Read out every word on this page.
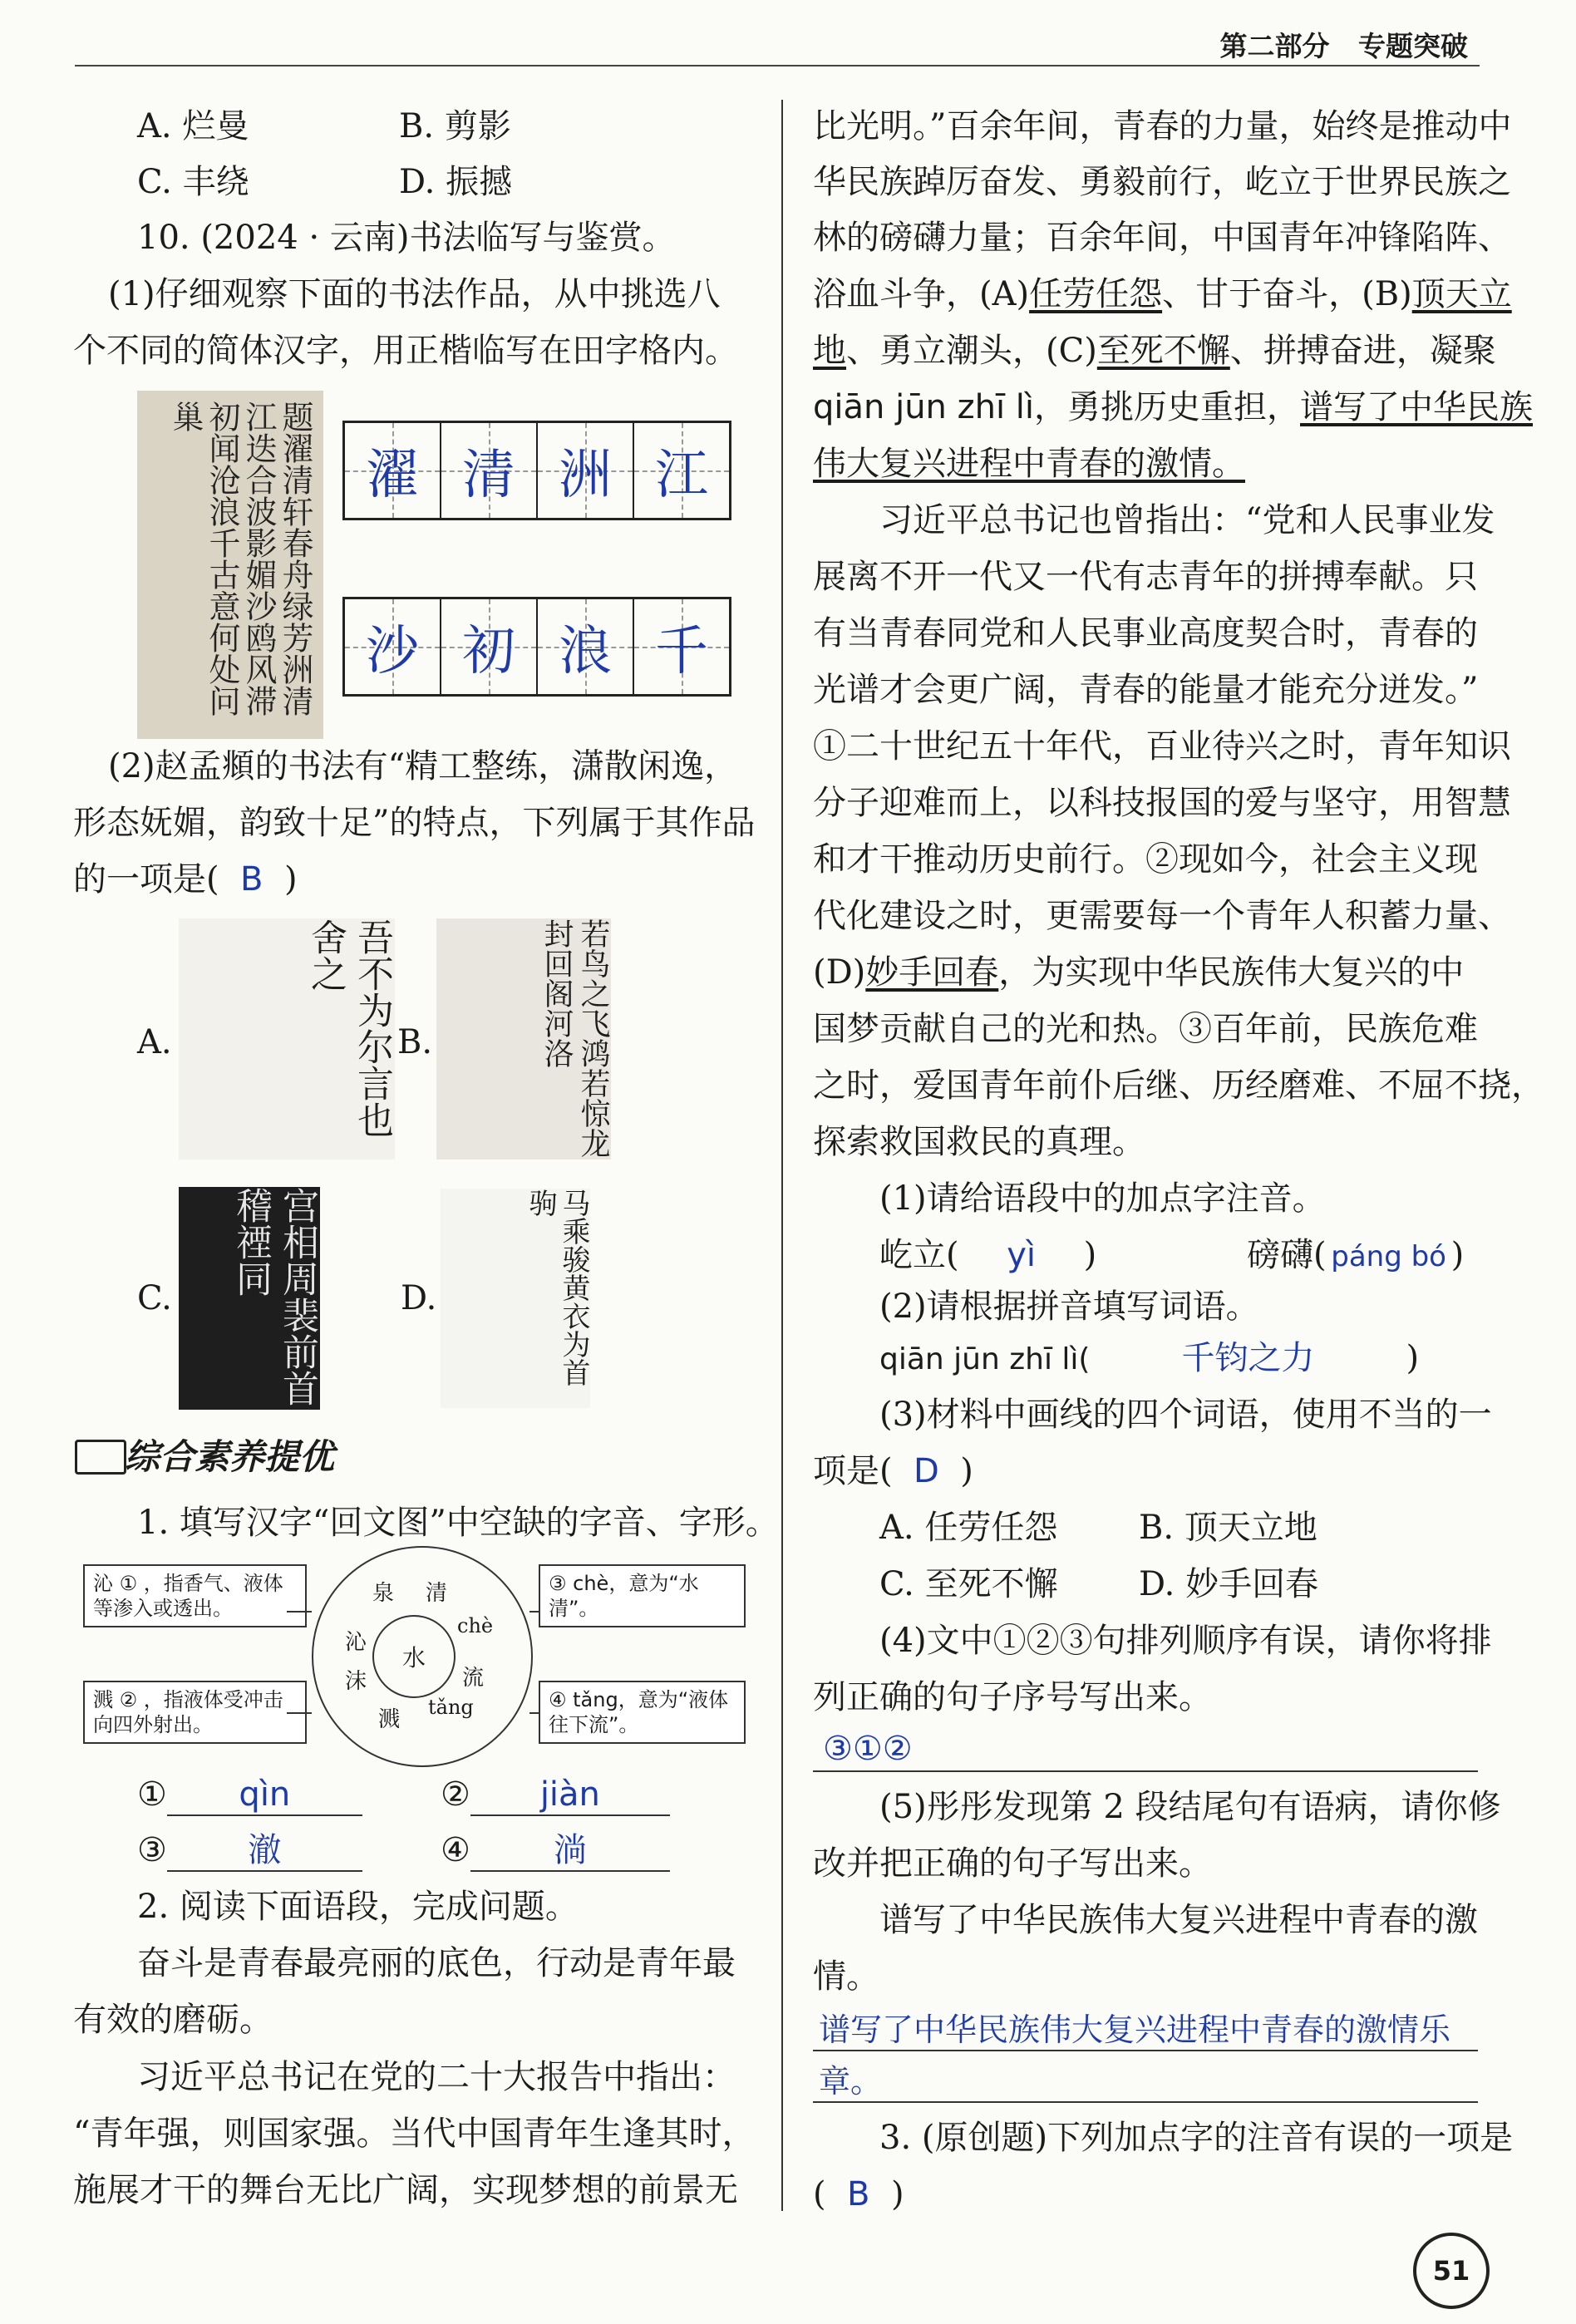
第二部分 专题突破
A. 烂曼	B. 剪影
C. 丰绕	D. 振撼
10. (2024 · 云南)书法临写与鉴赏。
(1)仔细观察下面的书法作品，从中挑选八
个不同的简体汉字，用正楷临写在田字格内。
题濯清轩春舟绿芳洲清江迭合波影媚沙鸥风滞初闻沧浪千古意何处问巢
濯 清 洲 江
沙 初 浪 千
(2)赵孟頫的书法有“精工整练，潇散闲逸，
形态妩媚，韵致十足”的特点，下列属于其作品
的一项是( B )
A.	吾不为尔言也舍之
B.	若鸟之飞鸿若惊龙封回阁河洛
C.	宫相周裴前首稽禋同
D.	马乘骏黄衣为首驹
综合素养提优
1. 填写汉字“回文图”中空缺的字音、字形。
沁 ① ，指香气、液体等渗入或透出。
溅 ② ，指液体受冲击向四外射出。
③ chè，意为“水清”。
④ tǎng，意为“液体往下流”。
水
泉 清
chè
流
tǎng
溅
沁
沫
① qìn	② jiàn
③ 澈	④	淌
2. 阅读下面语段，完成问题。
奋斗是青春最亮丽的底色，行动是青年最
有效的磨砺。
习近平总书记在党的二十大报告中指出：
“青年强，则国家强。当代中国青年生逢其时，
施展才干的舞台无比广阔，实现梦想的前景无
比光明。”百余年间，青春的力量，始终是推动中
华民族踔厉奋发、勇毅前行，屹立于世界民族之
林的磅礴力量；百余年间，中国青年冲锋陷阵、
浴血斗争，(A)任劳任怨、甘于奋斗，(B)顶天立
地、勇立潮头，(C)至死不懈、拼搏奋进，凝聚
qiān jūn zhī lì，勇挑历史重担，谱写了中华民族
伟大复兴进程中青春的激情。
习近平总书记也曾指出：“党和人民事业发
展离不开一代又一代有志青年的拼搏奉献。只
有当青春同党和人民事业高度契合时，青春的
光谱才会更广阔，青春的能量才能充分迸发。”
①二十世纪五十年代，百业待兴之时，青年知识
分子迎难而上，以科技报国的爱与坚守，用智慧
和才干推动历史前行。②现如今，社会主义现
代化建设之时，更需要每一个青年人积蓄力量、
(D)妙手回春，为实现中华民族伟大复兴的中
国梦贡献自己的光和热。③百年前，民族危难
之时，爱国青年前仆后继、历经磨难、不屈不挠，
探索救国救民的真理。
(1)请给语段中的加点字注音。
屹立( yì )	磅礴( páng bó )
(2)请根据拼音填写词语。
qiān jūn zhī lì(	千钧之力	)
(3)材料中画线的四个词语，使用不当的一
项是( D )
A. 任劳任怨 B. 顶天立地
C. 至死不懈 D. 妙手回春
(4)文中①②③句排列顺序有误，请你将排
列正确的句子序号写出来。
③①②
(5)彤彤发现第 2 段结尾句有语病，请你修
改并把正确的句子写出来。
谱写了中华民族伟大复兴进程中青春的激
情。
谱写了中华民族伟大复兴进程中青春的激情乐
章。
3. (原创题)下列加点字的注音有误的一项是
( B )
51
